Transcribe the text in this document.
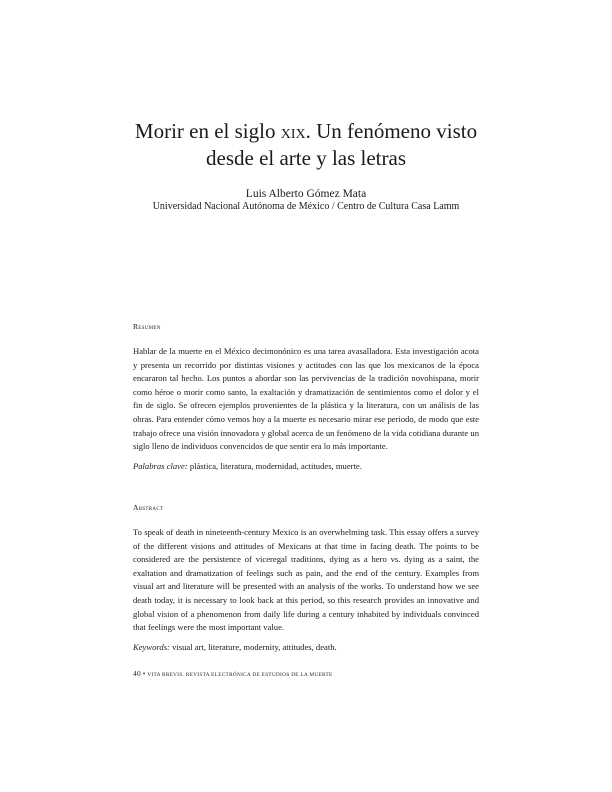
Morir en el siglo xix. Un fenómeno visto
desde el arte y las letras

Luis Alberto Gómez Mata

Universidad Nacional Autónoma de México / Centro de Cultura Casa Lamm

Resumen

Hablar de la muerte en el México decimonónico es una tarea avasalladora. Esta investigación acota y presenta un recorrido por distintas visiones y actitudes con las que los mexicanos de la época encararon tal hecho. Los puntos a abordar son las pervivencias de la tradición novohispana, morir como héroe o morir como santo, la exaltación y dramatización de sentimientos como el dolor y el fin de siglo. Se ofrecen ejemplos provenientes de la plástica y la literatura, con un análisis de las obras. Para entender cómo vemos hoy a la muerte es necesario mirar ese periodo, de modo que este trabajo ofrece una visión innovadora y global acerca de un fenómeno de la vida cotidiana durante un siglo lleno de individuos convencidos de que sentir era lo más importante.

Palabras clave: plástica, literatura, modernidad, actitudes, muerte.

Abstract

To speak of death in nineteenth-century Mexico is an overwhelming task. This essay offers a survey of the different visions and attitudes of Mexicans at that time in facing death. The points to be considered are the persistence of viceregal traditions, dying as a hero vs. dying as a saint, the exaltation and dramatization of feelings such as pain, and the end of the century. Examples from visual art and literature will be presented with an analysis of the works. To understand how we see death today, it is necessary to look back at this period, so this research provides an innovative and global vision of a phenomenon from daily life during a century inhabited by individuals convinced that feelings were the most important value.

Keywords: visual art, literature, modernity, attitudes, death.

40 • VITA BREVIS. REVISTA ELECTRÓNICA DE ESTUDIOS DE LA MUERTE
